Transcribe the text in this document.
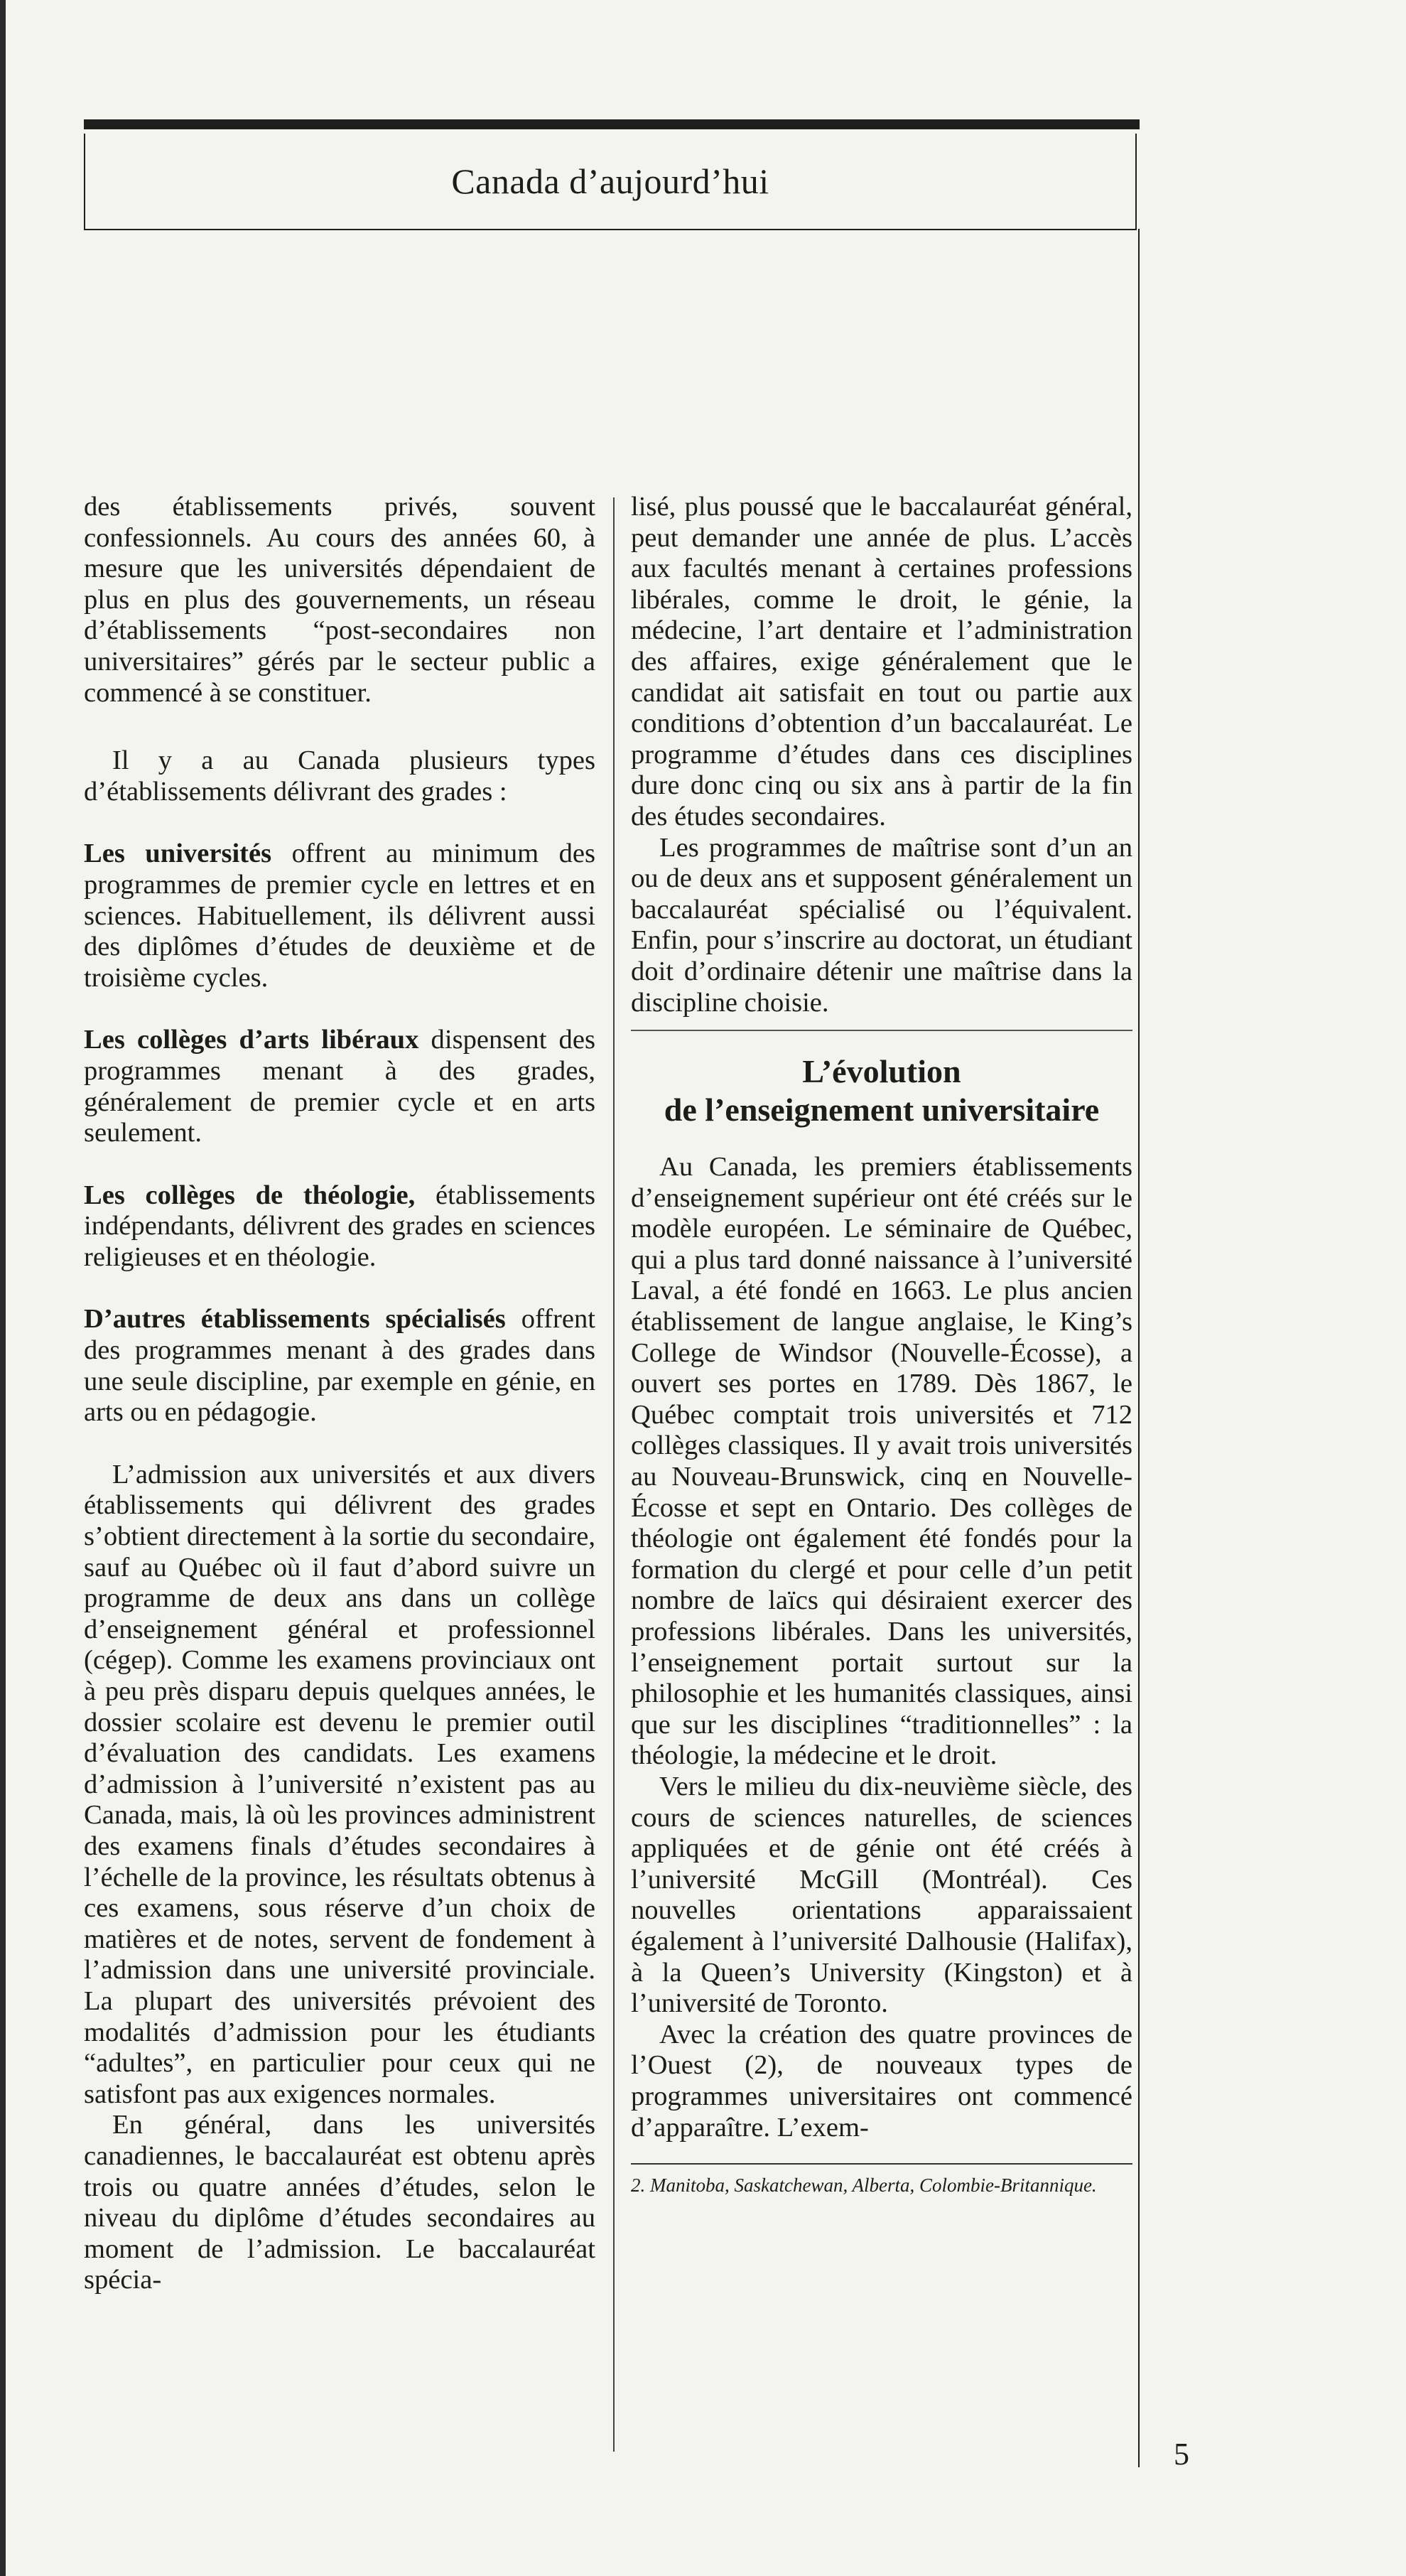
Canada d’aujourd’hui

des établissements privés, souvent confessionnels. Au cours des années 60, à mesure que les universités dépendaient de plus en plus des gouvernements, un réseau d’établissements “post-secondaires non universitaires” gérés par le secteur public a commencé à se constituer.

Il y a au Canada plusieurs types d’établissements délivrant des grades :

Les universités offrent au minimum des programmes de premier cycle en lettres et en sciences. Habituellement, ils délivrent aussi des diplômes d’études de deuxième et de troisième cycles.

Les collèges d’arts libéraux dispensent des programmes menant à des grades, généralement de premier cycle et en arts seulement.

Les collèges de théologie, établissements indépendants, délivrent des grades en sciences religieuses et en théologie.

D’autres établissements spécialisés offrent des programmes menant à des grades dans une seule discipline, par exemple en génie, en arts ou en pédagogie.

L’admission aux universités et aux divers établissements qui délivrent des grades s’obtient directement à la sortie du secondaire, sauf au Québec où il faut d’abord suivre un programme de deux ans dans un collège d’enseignement général et professionnel (cégep). Comme les examens provinciaux ont à peu près disparu depuis quelques années, le dossier scolaire est devenu le premier outil d’évaluation des candidats. Les examens d’admission à l’université n’existent pas au Canada, mais, là où les provinces administrent des examens finals d’études secondaires à l’échelle de la province, les résultats obtenus à ces examens, sous réserve d’un choix de matières et de notes, servent de fondement à l’admission dans une université provinciale. La plupart des universités prévoient des modalités d’admission pour les étudiants “adultes”, en particulier pour ceux qui ne satisfont pas aux exigences normales.

En général, dans les universités canadiennes, le baccalauréat est obtenu après trois ou quatre années d’études, selon le niveau du diplôme d’études secondaires au moment de l’admission. Le baccalauréat spécia-

lisé, plus poussé que le baccalauréat général, peut demander une année de plus. L’accès aux facultés menant à certaines professions libérales, comme le droit, le génie, la médecine, l’art dentaire et l’administration des affaires, exige généralement que le candidat ait satisfait en tout ou partie aux conditions d’obtention d’un baccalauréat. Le programme d’études dans ces disciplines dure donc cinq ou six ans à partir de la fin des études secondaires.

Les programmes de maîtrise sont d’un an ou de deux ans et supposent généralement un baccalauréat spécialisé ou l’équivalent. Enfin, pour s’inscrire au doctorat, un étudiant doit d’ordinaire détenir une maîtrise dans la discipline choisie.

L’évolution
de l’enseignement universitaire

Au Canada, les premiers établissements d’enseignement supérieur ont été créés sur le modèle européen. Le séminaire de Québec, qui a plus tard donné naissance à l’université Laval, a été fondé en 1663. Le plus ancien établissement de langue anglaise, le King’s College de Windsor (Nouvelle-Écosse), a ouvert ses portes en 1789. Dès 1867, le Québec comptait trois universités et 712 collèges classiques. Il y avait trois universités au Nouveau-Brunswick, cinq en Nouvelle-Écosse et sept en Ontario. Des collèges de théologie ont également été fondés pour la formation du clergé et pour celle d’un petit nombre de laïcs qui désiraient exercer des professions libérales. Dans les universités, l’enseignement portait surtout sur la philosophie et les humanités classiques, ainsi que sur les disciplines “traditionnelles” : la théologie, la médecine et le droit.

Vers le milieu du dix-neuvième siècle, des cours de sciences naturelles, de sciences appliquées et de génie ont été créés à l’université McGill (Montréal). Ces nouvelles orientations apparaissaient également à l’université Dalhousie (Halifax), à la Queen’s University (Kingston) et à l’université de Toronto.

Avec la création des quatre provinces de l’Ouest (2), de nouveaux types de programmes universitaires ont commencé d’apparaître. L’exem-

2. Manitoba, Saskatchewan, Alberta, Colombie-Britannique.

5
